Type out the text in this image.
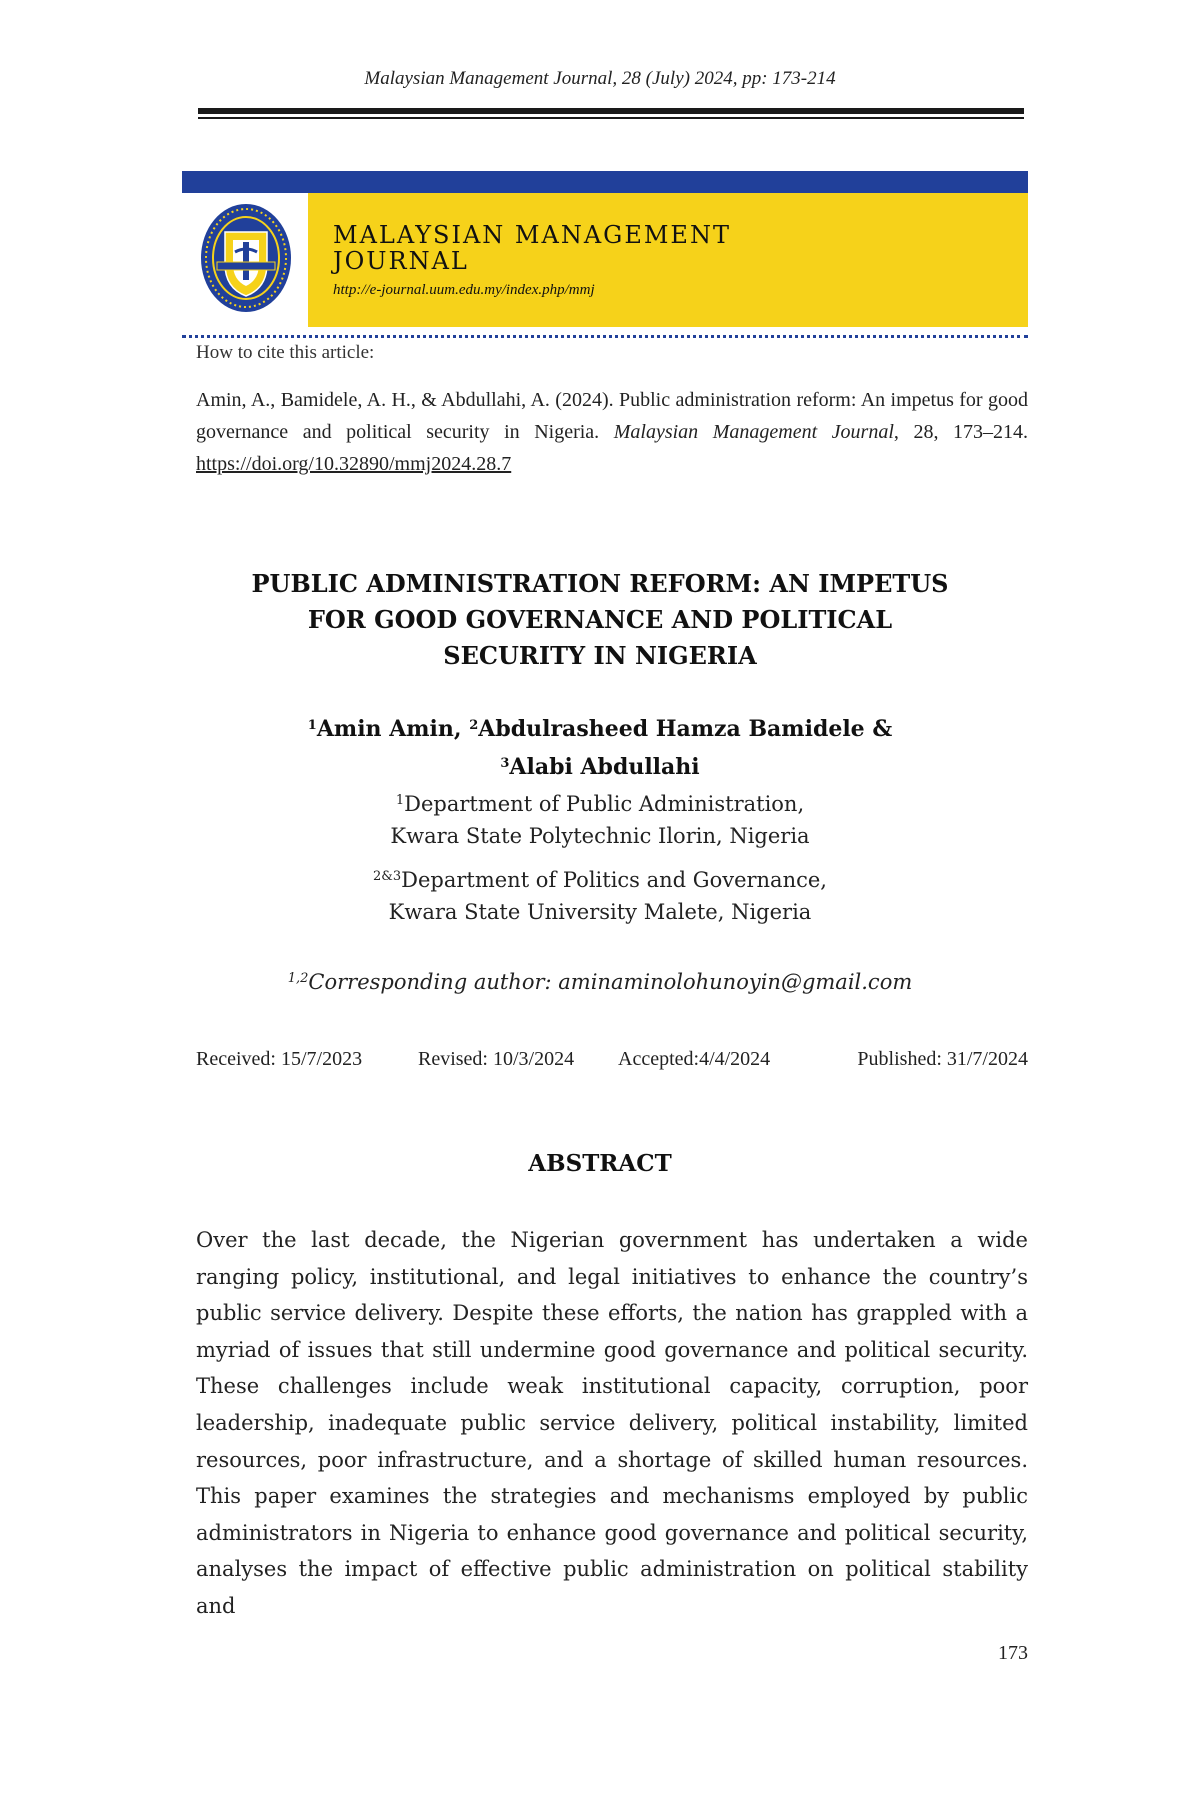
Malaysian Management Journal, 28 (July) 2024, pp: 173-214
MALAYSIAN MANAGEMENT
JOURNAL
http://e-journal.uum.edu.my/index.php/mmj
How to cite this article:
Amin, A., Bamidele, A. H., & Abdullahi, A. (2024). Public administration reform: An impetus for good governance and political security in Nigeria. Malaysian Management Journal, 28, 173–214. https://doi.org/10.32890/mmj2024.28.7
PUBLIC ADMINISTRATION REFORM: AN IMPETUS
FOR GOOD GOVERNANCE AND POLITICAL
SECURITY IN NIGERIA
$^1$Amin Amin, $^2$Abdulrasheed Hamza Bamidele &
$^3$Alabi Abdullahi
$^1$Department of Public Administration,
Kwara State Polytechnic Ilorin, Nigeria
$^{2\&3}$Department of Politics and Governance,
Kwara State University Malete, Nigeria
$^{1,2}$Corresponding author: aminaminolohunoyin@gmail.com
Received: 15/7/2023	Revised: 10/3/2024 Accepted:4/4/2024	Published: 31/7/2024
ABSTRACT
Over the last decade, the Nigerian government has undertaken a wide ranging policy, institutional, and legal initiatives to enhance the country’s public service delivery. Despite these efforts, the nation has grappled with a myriad of issues that still undermine good governance and political security. These challenges include weak institutional capacity, corruption, poor leadership, inadequate public service delivery, political instability, limited resources, poor infrastructure, and a shortage of skilled human resources. This paper examines the strategies and mechanisms employed by public administrators in Nigeria to enhance good governance and political security, analyses the impact of effective public administration on political stability and
173
